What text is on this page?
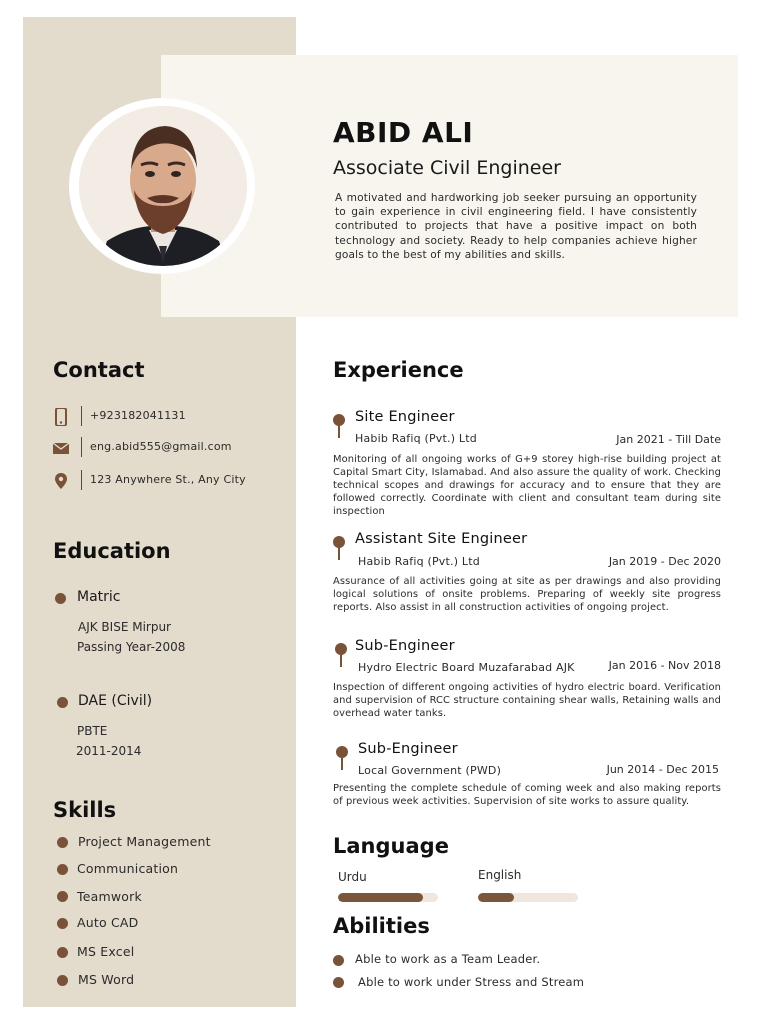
ABID ALI
Associate Civil Engineer
A motivated and hardworking job seeker pursuing an opportunity to gain experience in civil engineering field. I have consistently contributed to projects that have a positive impact on both technology and society. Ready to help companies achieve higher goals to the best of my abilities and skills.
Contact
+923182041131
eng.abid555@gmail.com
123 Anywhere St., Any City
Education
Matric
AJK BISE Mirpur
Passing Year-2008
DAE (Civil)
PBTE
2011-2014
Skills
Project Management
Communication
Teamwork
Auto CAD
MS Excel
MS Word
Experience
Site Engineer
Habib Rafiq (Pvt.) Ltd	Jan 2021 - Till Date
Monitoring of all ongoing works of G+9 storey high-rise building project at Capital Smart City, Islamabad. And also assure the quality of work. Checking technical scopes and drawings for accuracy and to ensure that they are followed correctly. Coordinate with client and consultant team during site inspection
Assistant Site Engineer
Habib Rafiq (Pvt.) Ltd	Jan 2019 - Dec 2020
Assurance of all activities going at site as per drawings and also providing logical solutions of onsite problems. Preparing of weekly site progress reports. Also assist in all construction activities of ongoing project.
Sub-Engineer
Hydro Electric Board Muzafarabad AJK	Jan 2016 - Nov 2018
Inspection of different ongoing activities of hydro electric board. Verification and supervision of RCC structure containing shear walls, Retaining walls and overhead water tanks.
Sub-Engineer
Local Government (PWD)	Jun 2014 - Dec 2015
Presenting the complete schedule of coming week and also making reports of previous week activities. Supervision of site works to assure quality.
Language
Urdu	English
Abilities
Able to work as a Team Leader.
Able to work under Stress and Stream
